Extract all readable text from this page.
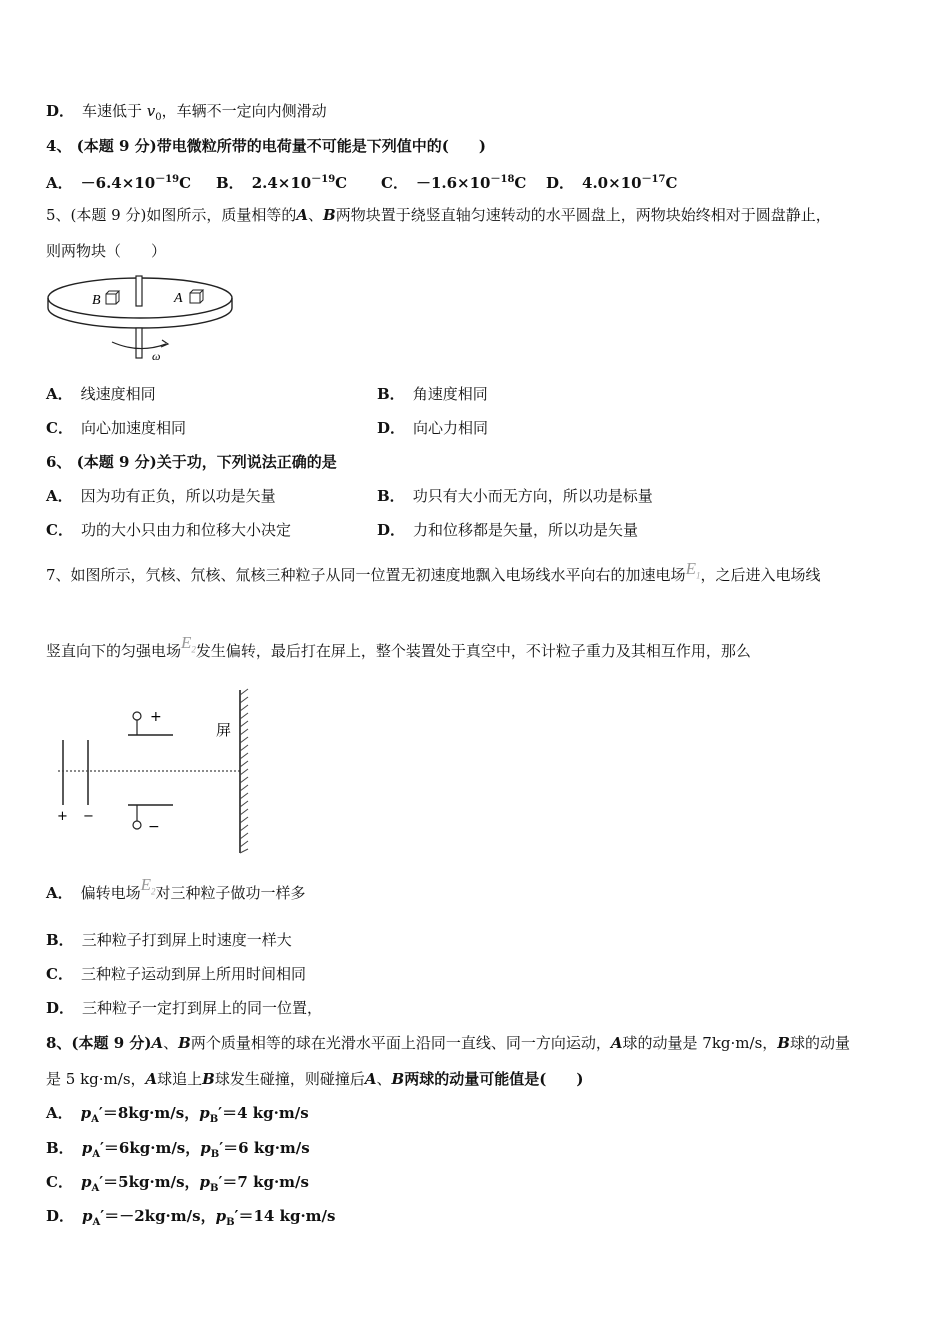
D． 车速低于 $v_0$，车辆不一定向内侧滑动
4、 (本题 9 分)带电微粒所带的电荷量不可能是下列值中的(　　)
A． $-6.4\times 10^{-19}C$ B． $2.4\times 10^{-19}C$ C． $-1.6\times 10^{-18}C$ D． $4.0\times 10^{-17}C$
5、(本题 9 分)如图所示，质量相等的A、B两物块置于绕竖直轴匀速转动的水平圆盘上，两物块始终相对于圆盘静止，
则两物块（　　）
ω
B	A
A． 线速度相同	B． 角速度相同
C． 向心加速度相同	D． 向心力相同
6、 (本题 9 分)关于功，下列说法正确的是
A． 因为功有正负，所以功是矢量	B． 功只有大小而无方向，所以功是标量
C． 功的大小只由力和位移大小决定	D． 力和位移都是矢量，所以功是矢量
7、如图所示，氕核、氘核、氚核三种粒子从同一位置无初速度地飘入电场线水平向右的加速电场$E_1$，之后进入电场线
竖直向下的匀强电场$E_2$发生偏转，最后打在屏上，整个装置处于真空中，不计粒子重力及其相互作用，那么
+
−
+ −
屏
A． 偏转电场$E_2$对三种粒子做功一样多
B． 三种粒子打到屏上时速度一样大
C． 三种粒子运动到屏上所用时间相同
D． 三种粒子一定打到屏上的同一位置，
8、(本题 9 分)A、B两个质量相等的球在光滑水平面上沿同一直线、同一方向运动，A球的动量是 7kg·m/s，B球的动量
是 5 kg·m/s，A球追上B球发生碰撞，则碰撞后A、B两球的动量可能值是(　　)
A． $p_A'=8kg\cdot m/s$，$p_B'=4$ kg·m/s
B． $p_A'=6kg\cdot m/s$，$p_B'=6$ kg·m/s
C． $p_A'=5kg\cdot m/s$，$p_B'=7$ kg·m/s
D． $p_A'=-2kg\cdot m/s$，$p_B'=14$ kg·m/s
